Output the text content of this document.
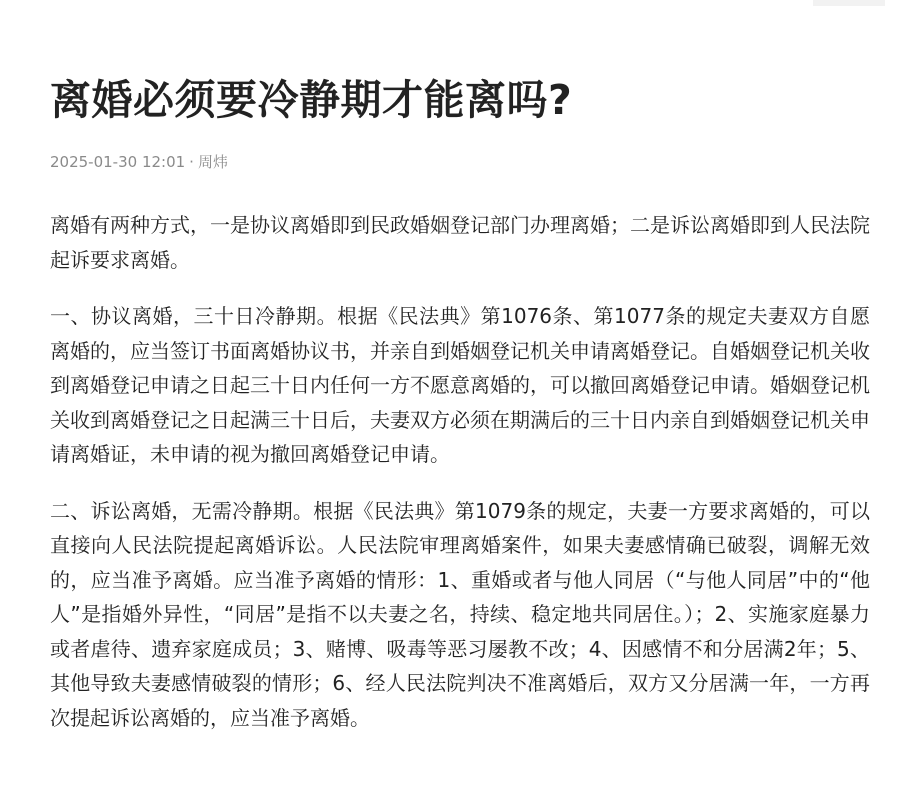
离婚必须要冷静期才能离吗?
2025-01-30 12:01 · 周炜

离婚有两种方式，一是协议离婚即到民政婚姻登记部门办理离婚；二是诉讼离婚即到人民法院起诉要求离婚。

一、协议离婚，三十日冷静期。根据《民法典》第1076条、第1077条的规定夫妻双方自愿离婚的，应当签订书面离婚协议书，并亲自到婚姻登记机关申请离婚登记。自婚姻登记机关收到离婚登记申请之日起三十日内任何一方不愿意离婚的，可以撤回离婚登记申请。婚姻登记机关收到离婚登记之日起满三十日后，夫妻双方必须在期满后的三十日内亲自到婚姻登记机关申请离婚证，未申请的视为撤回离婚登记申请。

二、诉讼离婚，无需冷静期。根据《民法典》第1079条的规定，夫妻一方要求离婚的，可以直接向人民法院提起离婚诉讼。人民法院审理离婚案件，如果夫妻感情确已破裂，调解无效的，应当准予离婚。应当准予离婚的情形：1、重婚或者与他人同居（“与他人同居”中的“他人”是指婚外异性，“同居”是指不以夫妻之名，持续、稳定地共同居住。）；2、实施家庭暴力或者虐待、遗弃家庭成员；3、赌博、吸毒等恶习屡教不改；4、因感情不和分居满2年；5、其他导致夫妻感情破裂的情形；6、经人民法院判决不准离婚后，双方又分居满一年，一方再次提起诉讼离婚的，应当准予离婚。
